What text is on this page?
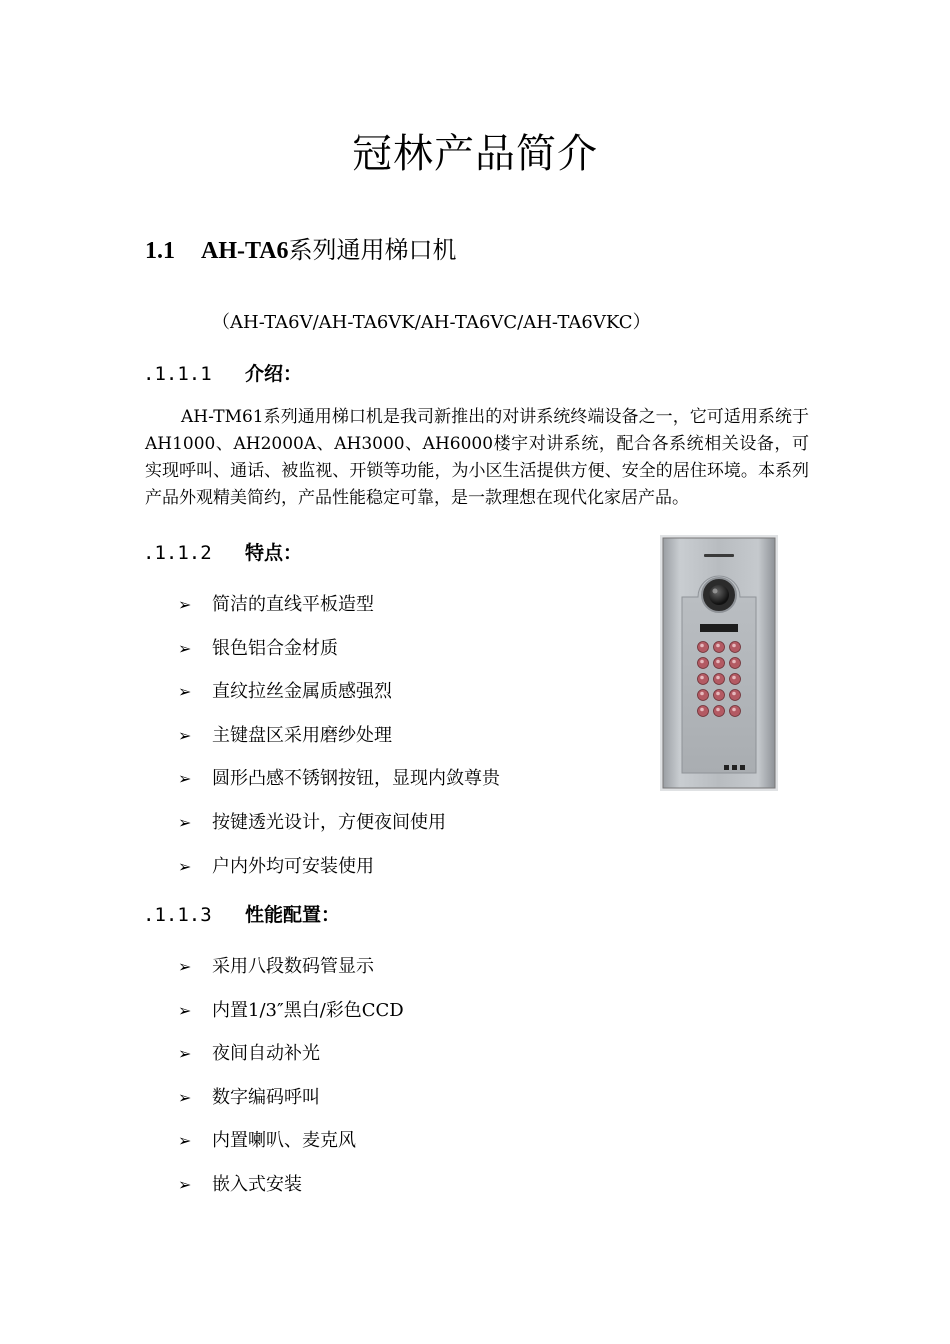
冠林产品简介
1.1 AH-TA6系列通用梯口机
（AH-TA6V/AH-TA6VK/AH-TA6VC/AH-TA6VKC）
.1.1.1 介绍：

AH-TM61系列通用梯口机是我司新推出的对讲系统终端设备之一，它可适用系统于AH1000、AH2000A、AH3000、AH6000楼宇对讲系统，配合各系统相关设备，可实现呼叫、通话、被监视、开锁等功能，为小区生活提供方便、安全的居住环境。本系列产品外观精美简约，产品性能稳定可靠，是一款理想在现代化家居产品。

.1.1.2 特点：
➢ 简洁的直线平板造型
➢ 银色铝合金材质
➢ 直纹拉丝金属质感强烈
➢ 主键盘区采用磨纱处理
➢ 圆形凸感不锈钢按钮，显现内敛尊贵
➢ 按键透光设计，方便夜间使用
➢ 户内外均可安装使用
.1.1.3 性能配置：
➢ 采用八段数码管显示
➢ 内置1/3″黑白/彩色CCD
➢ 夜间自动补光
➢ 数字编码呼叫
➢ 内置喇叭、麦克风
➢ 嵌入式安装
